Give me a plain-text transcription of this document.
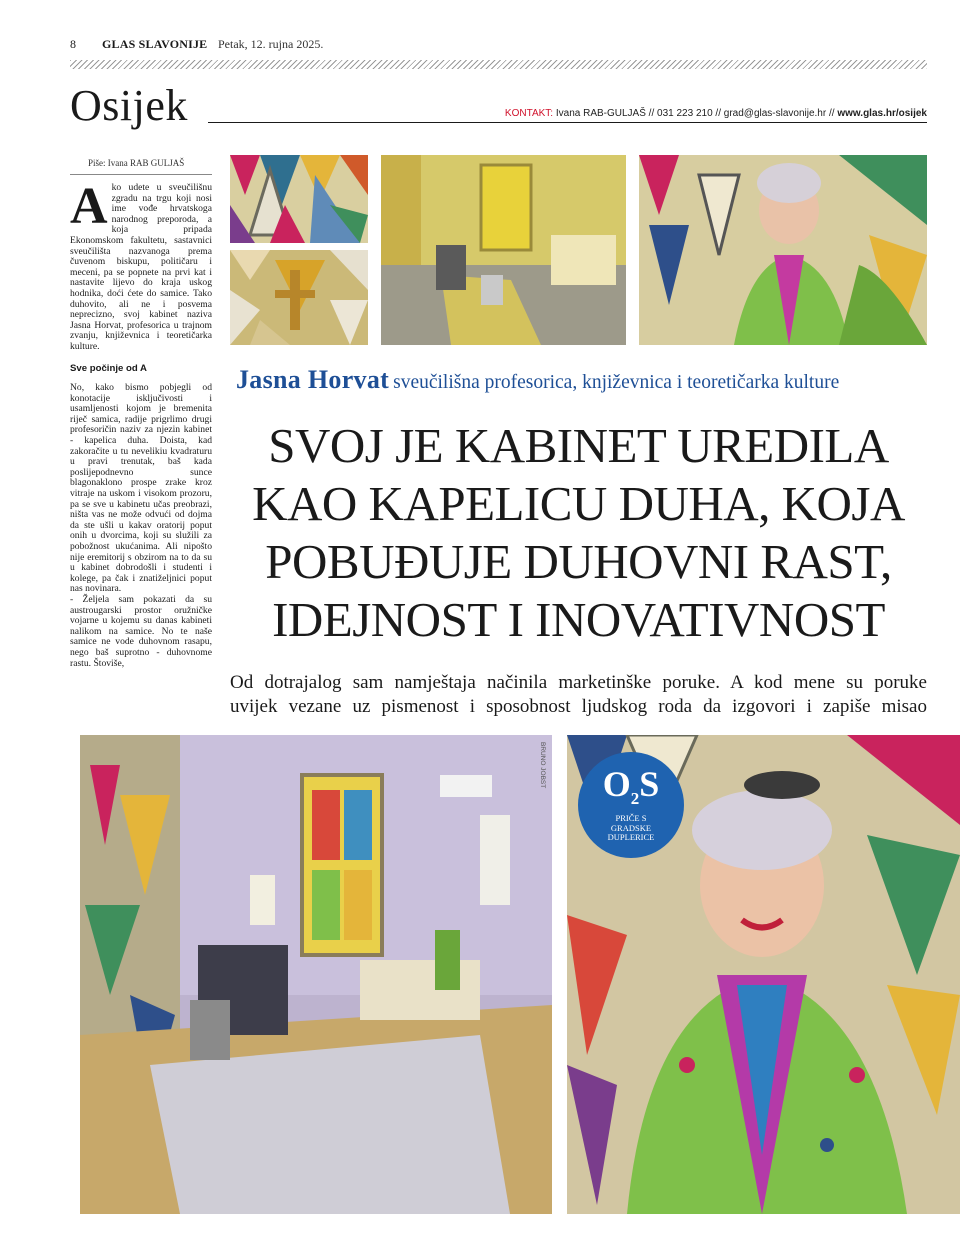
8 GLAS SLAVONIJE Petak, 12. rujna 2025.
Osijek	KONTAKT: Ivana RAB-GULJAŠ // 031 223 210 // grad@glas-slavonije.hr // www.glas.hr/osijek
Piše: Ivana RAB GULJAŠ

Ako udete u sveučilišnu zgradu na trgu koji nosi ime vođe hrvatskoga narodnog preporoda, a koja pripada Ekonomskom fakultetu, sastavnici sveučilišta nazvanoga prema čuvenom biskupu, političaru i meceni, pa se popnete na prvi kat i nastavite lijevo do kraja uskog hodnika, doći ćete do samice. Tako duhovito, ali ne i posvema neprecizno, svoj kabinet naziva Jasna Horvat, profesorica u trajnom zvanju, književnica i teoretičarka kulture.

Sve počinje od A

No, kako bismo pobjegli od konotacije isključivosti i usamljenosti kojom je bremenita riječ samica, radije prigrlimo drugi profesoričin naziv za njezin kabinet - kapelica duha. Doista, kad zakoračite u tu nevelikiu kvadraturu u pravi trenutak, baš kada poslijepodnevno sunce blagonaklono prospe zrake kroz vitraje na uskom i visokom prozoru, pa se sve u kabinetu učas preobrazi, ništa vas ne može odvući od dojma da ste ušli u kakav oratorij poput onih u dvorcima, koji su služili za pobožnost ukućanima. Ali nipošto nije eremitorij s obzirom na to da su u kabinet dobrodošli i studenti i kolege, pa čak i znatiželjnici poput nas novinara.

- Željela sam pokazati da su austrougarski prostor oružničke vojarne u kojemu su danas kabineti nalikom na samice. No te naše samice ne vode duhovnom rasapu, nego baš suprotno - duhovnome rastu. Štoviše,

Jasna Horvat sveučilišna profesorica, književnica i teoretičarka kulture
SVOJ JE KABINET UREDILA
KAO KAPELICU DUHA, KOJA
POBUĐUJE DUHOVNI RAST,
IDEJNOST I INOVATIVNOST
Od dotrajalog sam namještaja načinila marketinške poruke. A kod mene su poruke
uvijek vezane uz pismenost i sposobnost ljudskog roda da izgovori i zapiše misao
BRUNO JOBST	$O_2S$
PRIČE S
GRADSKE
DUPLERICE
